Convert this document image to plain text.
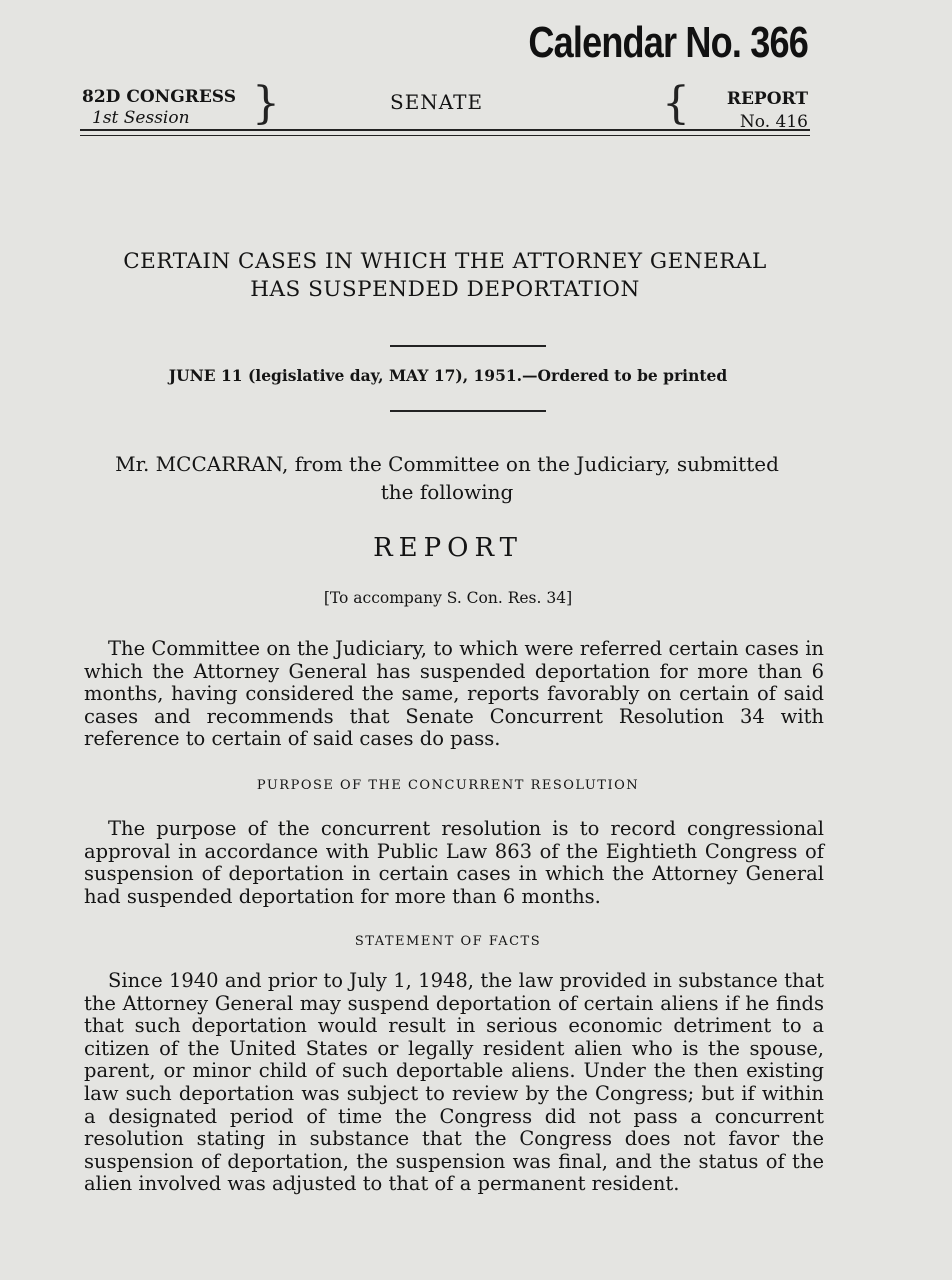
Calendar No. 366
82D CONGRESS
1st Session }	SENATE	{ REPORT
No. 416
CERTAIN CASES IN WHICH THE ATTORNEY GENERAL
HAS SUSPENDED DEPORTATION
JUNE 11 (legislative day, MAY 17), 1951.—Ordered to be printed
Mr. MCCARRAN, from the Committee on the Judiciary, submitted
the following
REPORT
[To accompany S. Con. Res. 34]
The Committee on the Judiciary, to which were referred certain cases in which the Attorney General has suspended deportation for more than 6 months, having considered the same, reports favorably on certain of said cases and recommends that Senate Concurrent Resolution 34 with reference to certain of said cases do pass.
PURPOSE OF THE CONCURRENT RESOLUTION
The purpose of the concurrent resolution is to record congressional approval in accordance with Public Law 863 of the Eightieth Congress of suspension of deportation in certain cases in which the Attorney General had suspended deportation for more than 6 months.
STATEMENT OF FACTS
Since 1940 and prior to July 1, 1948, the law provided in substance that the Attorney General may suspend deportation of certain aliens if he finds that such deportation would result in serious economic detriment to a citizen of the United States or legally resident alien who is the spouse, parent, or minor child of such deportable aliens. Under the then existing law such deportation was subject to review by the Congress; but if within a designated period of time the Congress did not pass a concurrent resolution stating in substance that the Congress does not favor the suspension of deportation, the suspension was final, and the status of the alien involved was adjusted to that of a permanent resident.
